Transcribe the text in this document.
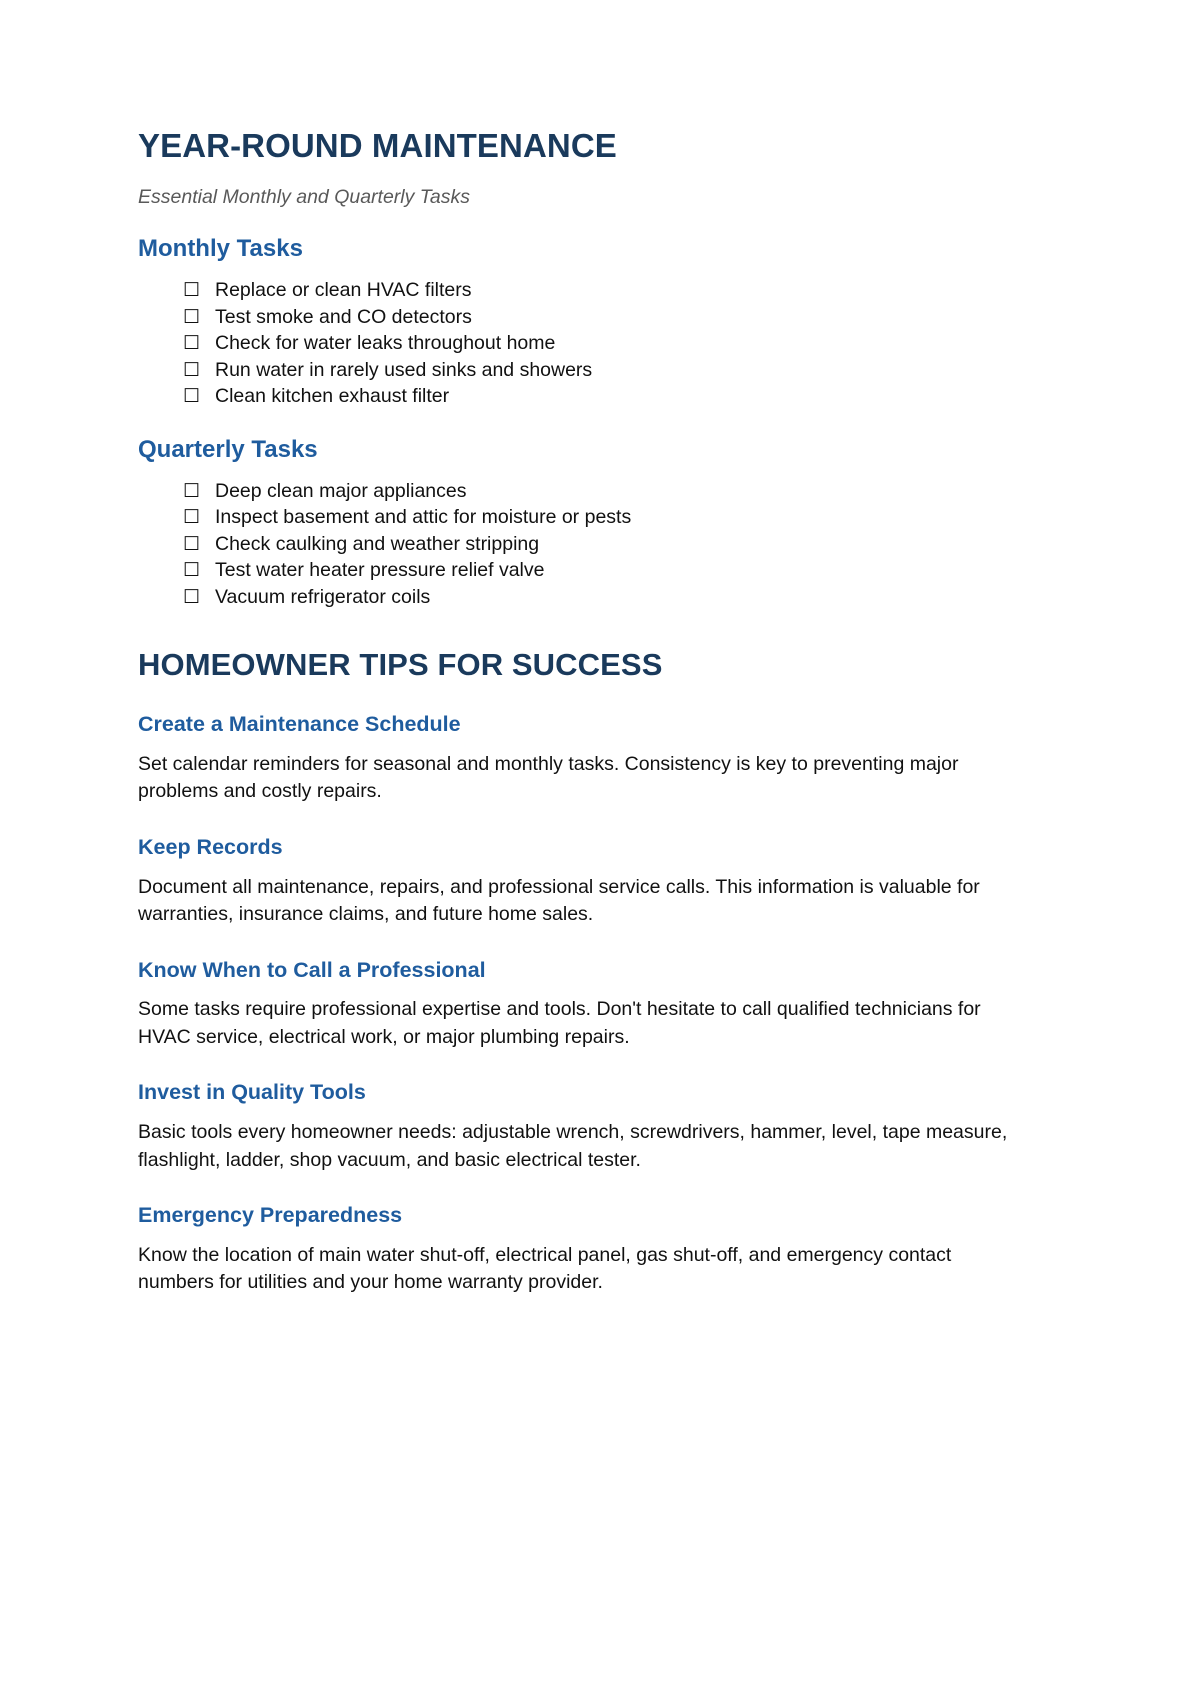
YEAR-ROUND MAINTENANCE

Essential Monthly and Quarterly Tasks

Monthly Tasks
☐ Replace or clean HVAC filters
☐ Test smoke and CO detectors
☐ Check for water leaks throughout home
☐ Run water in rarely used sinks and showers
☐ Clean kitchen exhaust filter
Quarterly Tasks
☐ Deep clean major appliances
☐ Inspect basement and attic for moisture or pests
☐ Check caulking and weather stripping
☐ Test water heater pressure relief valve
☐ Vacuum refrigerator coils
HOMEOWNER TIPS FOR SUCCESS
Create a Maintenance Schedule

Set calendar reminders for seasonal and monthly tasks. Consistency is key to preventing major problems and costly repairs.

Keep Records

Document all maintenance, repairs, and professional service calls. This information is valuable for warranties, insurance claims, and future home sales.

Know When to Call a Professional

Some tasks require professional expertise and tools. Don't hesitate to call qualified technicians for HVAC service, electrical work, or major plumbing repairs.

Invest in Quality Tools

Basic tools every homeowner needs: adjustable wrench, screwdrivers, hammer, level, tape measure, flashlight, ladder, shop vacuum, and basic electrical tester.

Emergency Preparedness

Know the location of main water shut-off, electrical panel, gas shut-off, and emergency contact numbers for utilities and your home warranty provider.
